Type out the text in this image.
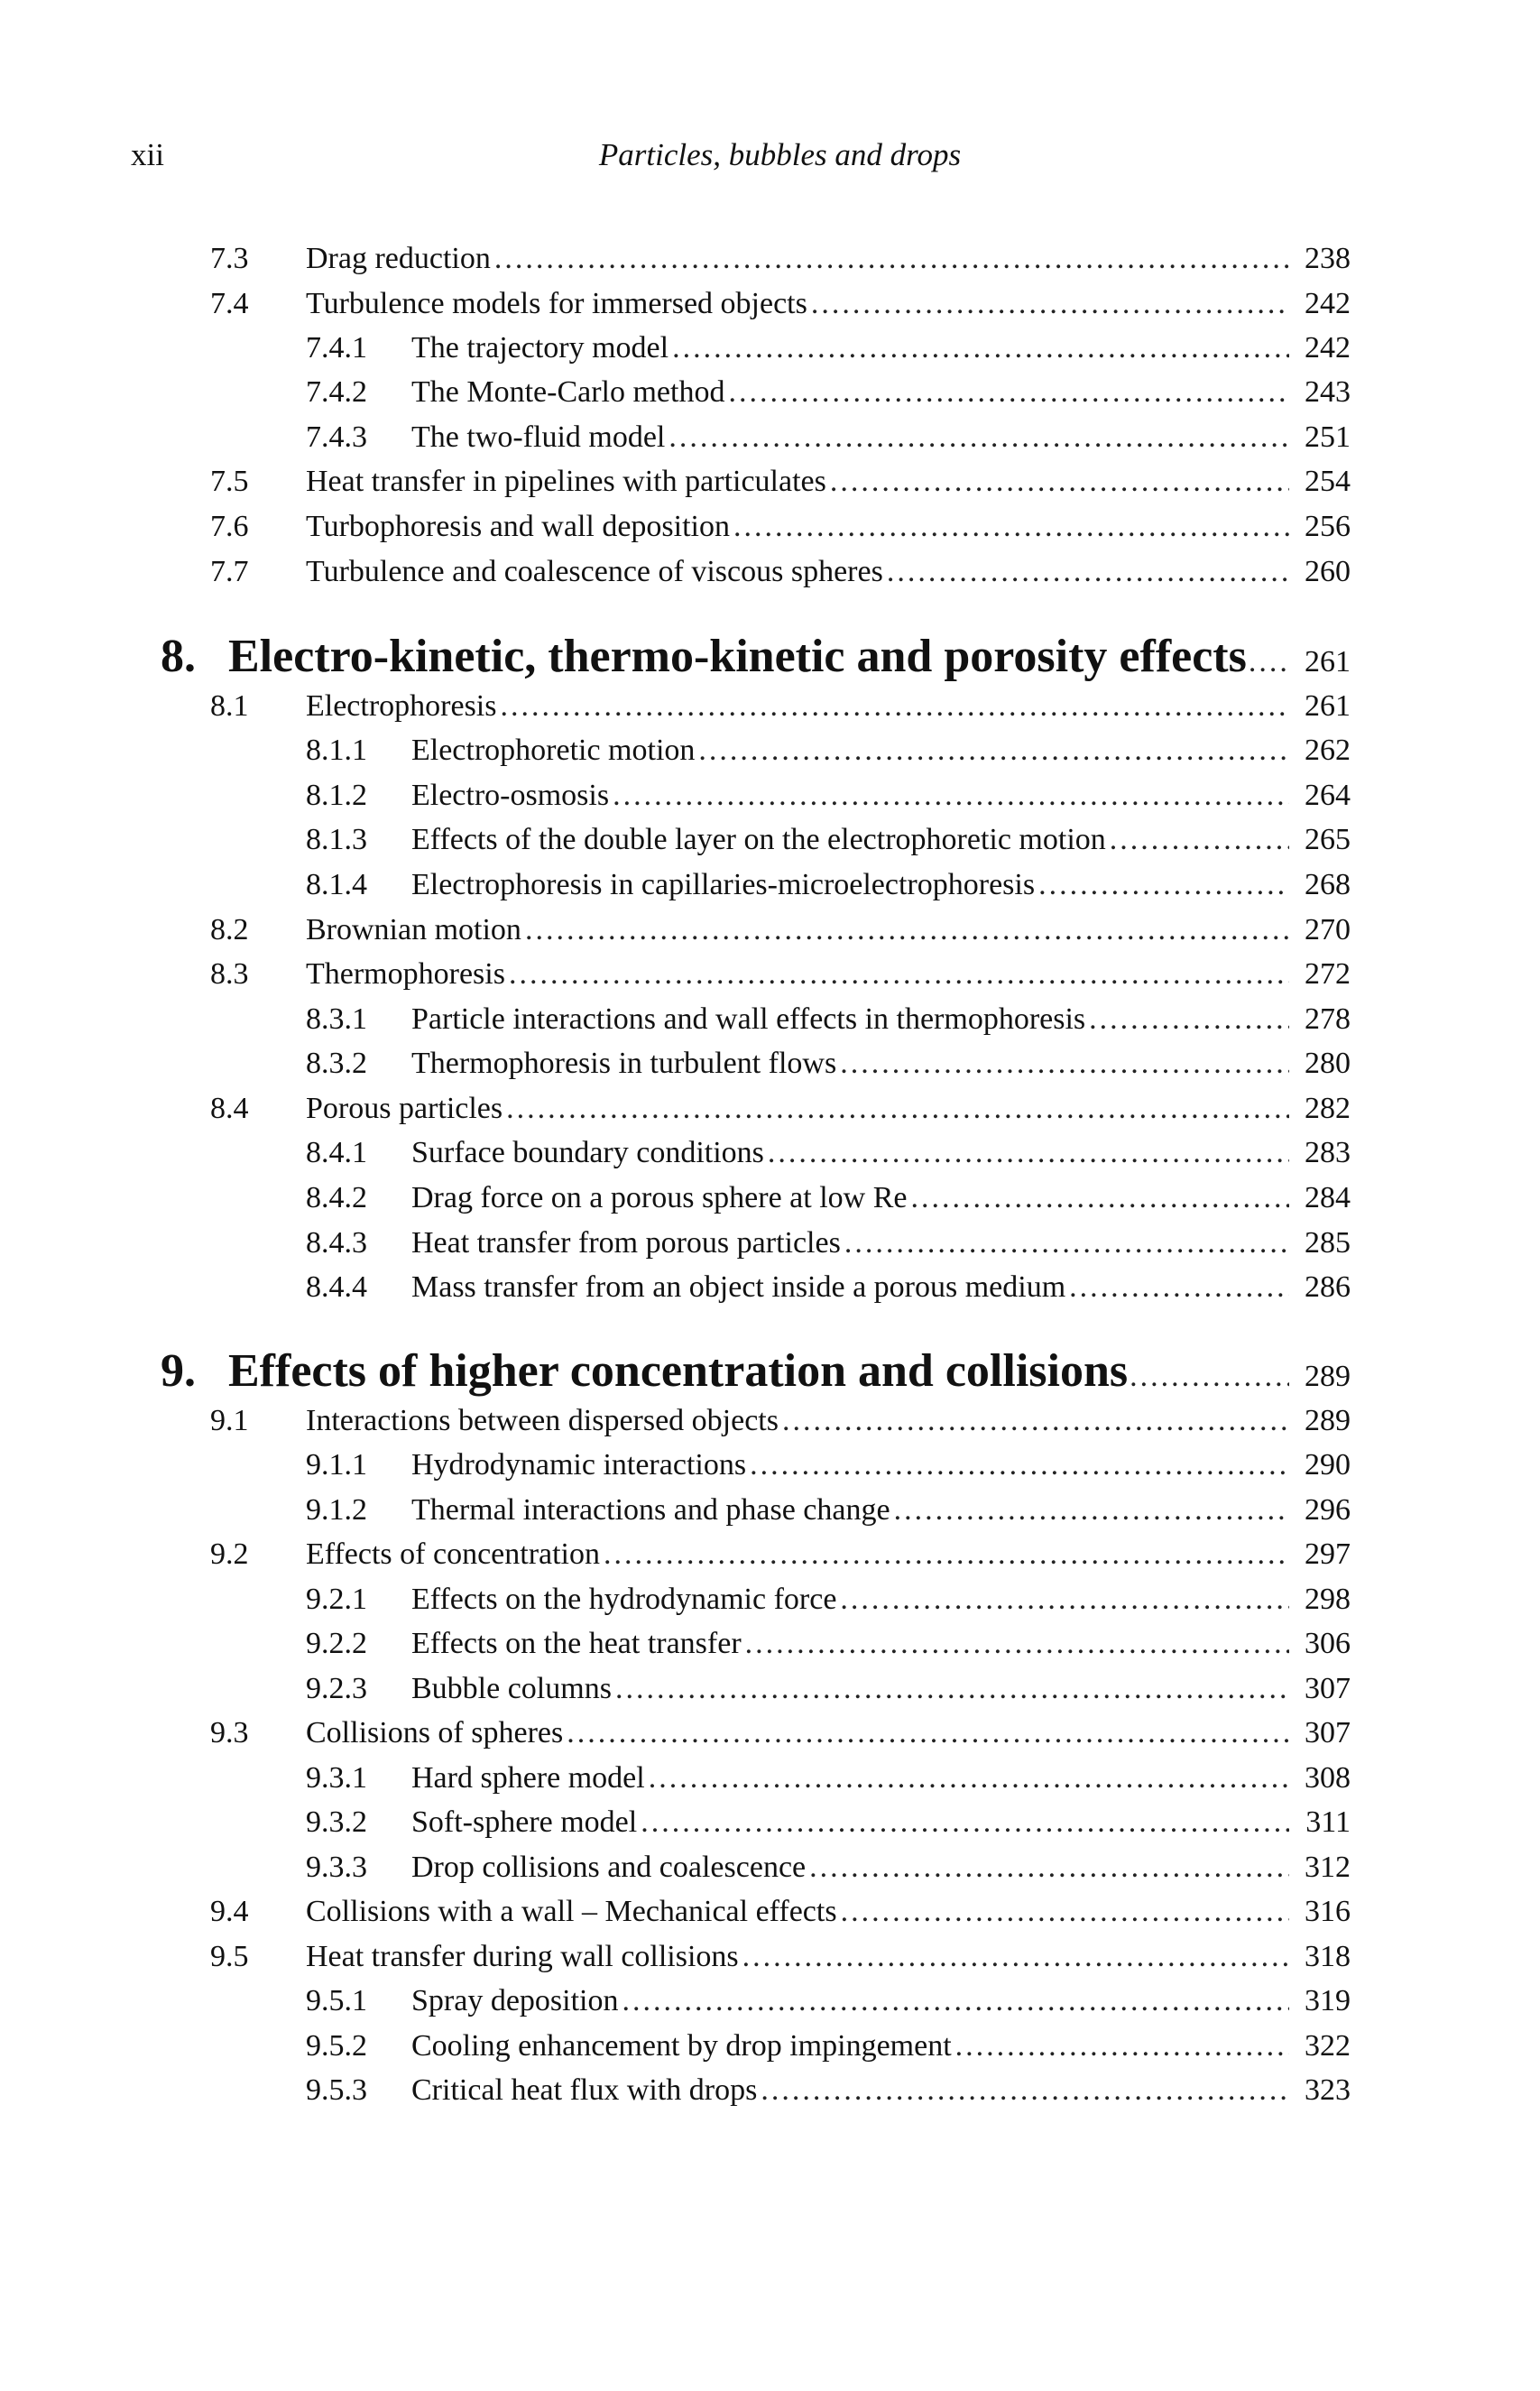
xii	Particles, bubbles and drops
7.3	Drag reduction .....	238
7.4	Turbulence models for immersed objects .....	242
7.4.1	The trajectory model .....	242
7.4.2	The Monte-Carlo method .....	243
7.4.3	The two-fluid model .....	251
7.5	Heat transfer in pipelines with particulates .....	254
7.6	Turbophoresis and wall deposition .....	256
7.7	Turbulence and coalescence of viscous spheres .....	260
8. Electro-kinetic, thermo-kinetic and porosity effects .....	261
8.1	Electrophoresis .....	261
8.1.1	Electrophoretic motion .....	262
8.1.2	Electro-osmosis .....	264
8.1.3	Effects of the double layer on the electrophoretic motion .....	265
8.1.4	Electrophoresis in capillaries-microelectrophoresis .....	268
8.2	Brownian motion .....	270
8.3	Thermophoresis .....	272
8.3.1	Particle interactions and wall effects in thermophoresis .....	278
8.3.2	Thermophoresis in turbulent flows .....	280
8.4	Porous particles .....	282
8.4.1	Surface boundary conditions .....	283
8.4.2	Drag force on a porous sphere at low Re .....	284
8.4.3	Heat transfer from porous particles .....	285
8.4.4	Mass transfer from an object inside a porous medium .....	286
9. Effects of higher concentration and collisions .....	289
9.1	Interactions between dispersed objects .....	289
9.1.1	Hydrodynamic interactions .....	290
9.1.2	Thermal interactions and phase change .....	296
9.2	Effects of concentration .....	297
9.2.1	Effects on the hydrodynamic force .....	298
9.2.2	Effects on the heat transfer .....	306
9.2.3	Bubble columns .....	307
9.3	Collisions of spheres .....	307
9.3.1	Hard sphere model .....	308
9.3.2	Soft-sphere model .....	311
9.3.3	Drop collisions and coalescence .....	312
9.4	Collisions with a wall – Mechanical effects .....	316
9.5	Heat transfer during wall collisions .....	318
9.5.1	Spray deposition .....	319
9.5.2	Cooling enhancement by drop impingement .....	322
9.5.3	Critical heat flux with drops .....	323
